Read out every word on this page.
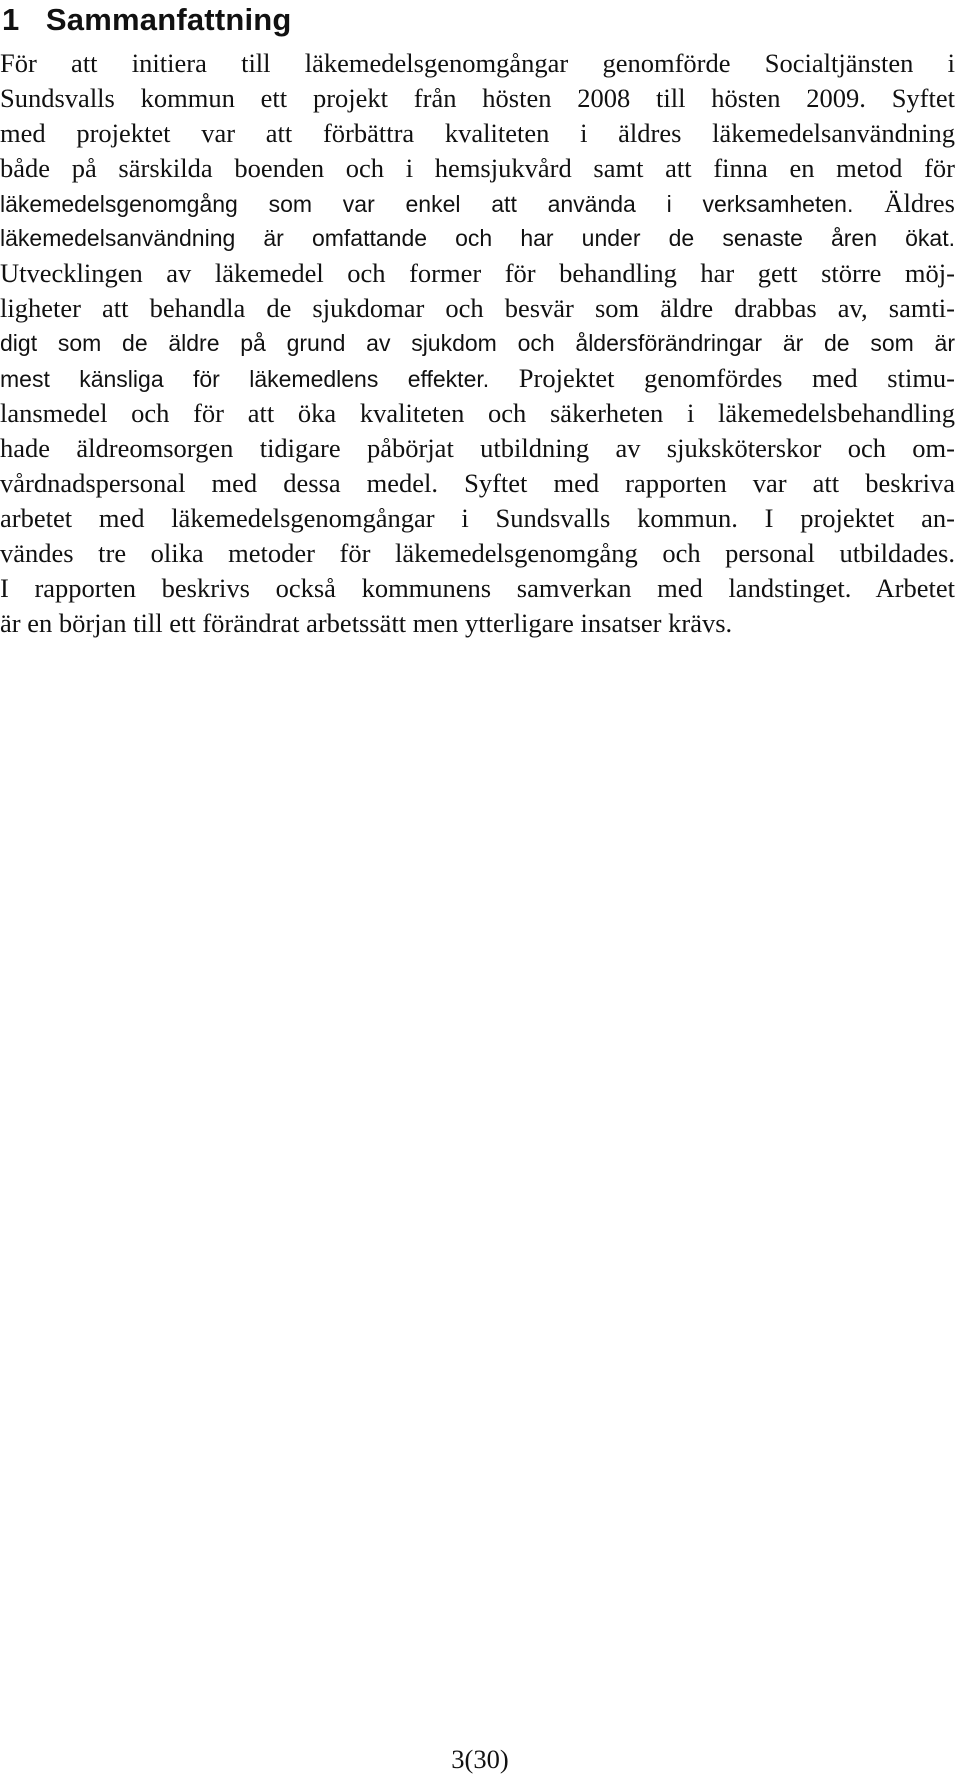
1 Sammanfattning

För att initiera till läkemedelsgenomgångar genomförde Socialtjänsten i

Sundsvalls kommun ett projekt från hösten 2008 till hösten 2009. Syftet

med projektet var att förbättra kvaliteten i äldres läkemedelsanvändning

både på särskilda boenden och i hemsjukvård samt att finna en metod för

läkemedelsgenomgång som var enkel att använda i verksamheten. Äldres

läkemedelsanvändning är omfattande och har under de senaste åren ökat.

Utvecklingen av läkemedel och former för behandling har gett större möj-

ligheter att behandla de sjukdomar och besvär som äldre drabbas av, samti-

digt som de äldre på grund av sjukdom och åldersförändringar är de som är

mest känsliga för läkemedlens effekter. Projektet genomfördes med stimu-

lansmedel och för att öka kvaliteten och säkerheten i läkemedelsbehandling

hade äldreomsorgen tidigare påbörjat utbildning av sjuksköterskor och om-

vårdnadspersonal med dessa medel. Syftet med rapporten var att beskriva

arbetet med läkemedelsgenomgångar i Sundsvalls kommun. I projektet an-

vändes tre olika metoder för läkemedelsgenomgång och personal utbildades.

I rapporten beskrivs också kommunens samverkan med landstinget. Arbetet

är en början till ett förändrat arbetssätt men ytterligare insatser krävs.

3(30)
